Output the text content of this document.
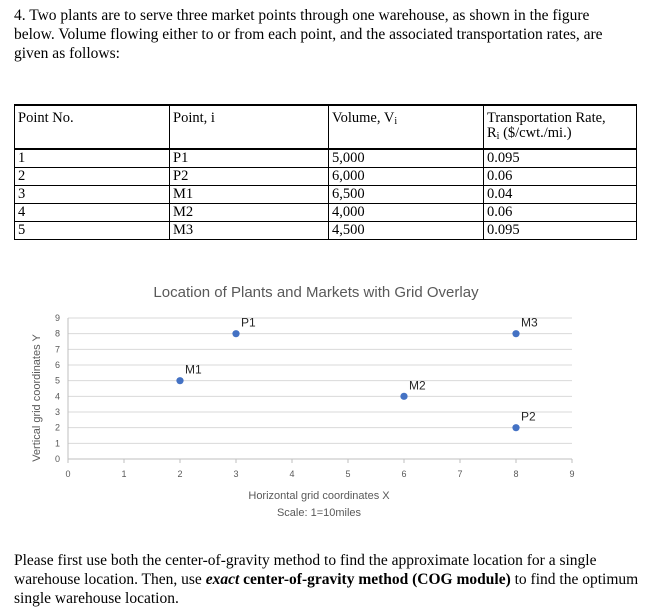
4. Two plants are to serve three market points through one warehouse, as shown in the figure below. Volume flowing either to or from each point, and the associated transportation rates, are given as follows:
Point No.	Point, i	Volume, $V_i$	Transportation Rate,
$R_i$ ($/cwt./mi.)
1	P1	5,000	0.095
2	P2	6,000	0.06
3	M1	6,500	0.04
4	M2	4,000	0.06
5	M3	4,500	0.095
Location of Plants and Markets with Grid Overlay
0	1	2	3	4	5	6	7	8	9
0
1
2
3
4
5
6
7
8
9	P1
M1
M2
M3
P2
Horizontal grid coordinates X
Scale: 1=10miles
Vertical grid coordinates Y
Please first use both the center-of-gravity method to find the approximate location for a single warehouse location. Then, use exact center-of-gravity method (COG module) to find the optimum single warehouse location.
